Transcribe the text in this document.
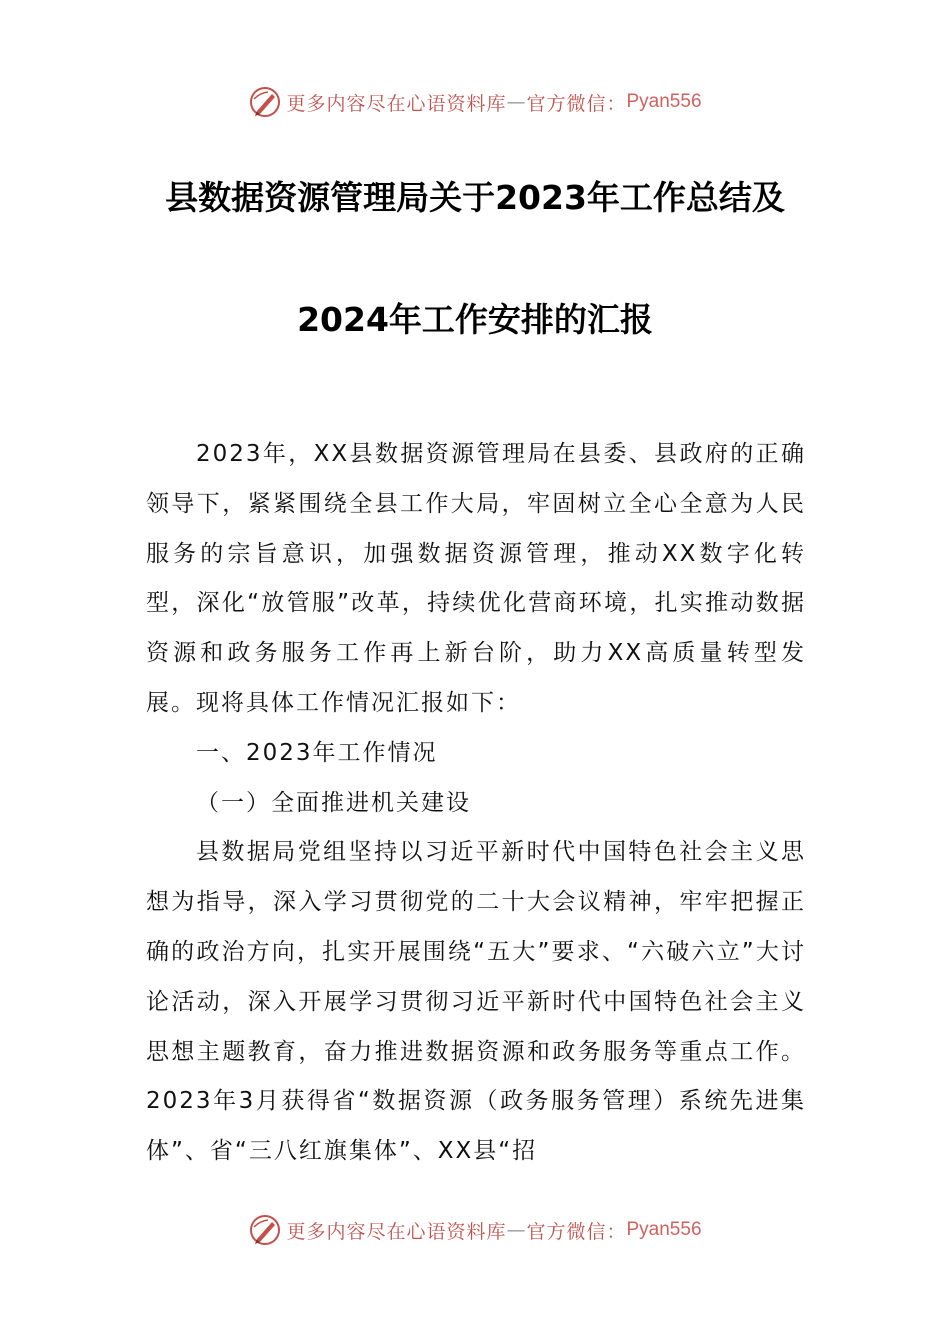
更多内容尽在心语资料库 — 官方微信： Pyan556
县数据资源管理局关于2023年工作总结及
2024年工作安排的汇报

2023年，XX县数据资源管理局在县委、县政府的正确领导下，紧紧围绕全县工作大局，牢固树立全心全意为人民服务的宗旨意识，加强数据资源管理，推动XX数字化转型，深化“放管服”改革，持续优化营商环境，扎实推动数据资源和政务服务工作再上新台阶，助力XX高质量转型发展。现将具体工作情况汇报如下：

一、2023年工作情况

（一）全面推进机关建设

县数据局党组坚持以习近平新时代中国特色社会主义思想为指导，深入学习贯彻党的二十大会议精神，牢牢把握正确的政治方向，扎实开展围绕“五大”要求、“六破六立”大讨论活动，深入开展学习贯彻习近平新时代中国特色社会主义思想主题教育，奋力推进数据资源和政务服务等重点工作。2023年3月获得省“数据资源（政务服务管理）系统先进集体”、省“三八红旗集体”、XX县“招

更多内容尽在心语资料库 — 官方微信： Pyan556
